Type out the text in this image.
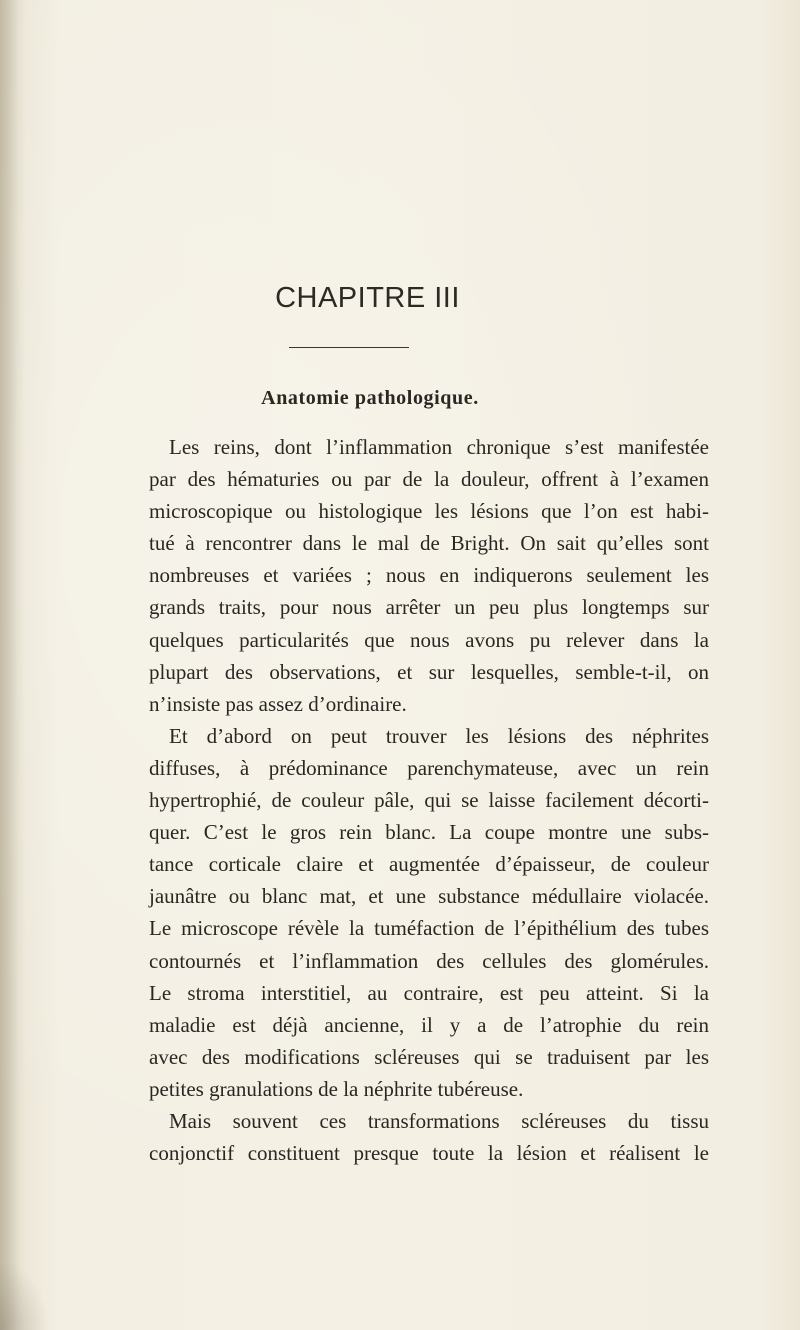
CHAPITRE III
Anatomie pathologique.
Les reins, dont l’inflammation chronique s’est manifestée
par des hématuries ou par de la douleur, offrent à l’examen
microscopique ou histologique les lésions que l’on est habi-
tué à rencontrer dans le mal de Bright. On sait qu’elles sont
nombreuses et variées ; nous en indiquerons seulement les
grands traits, pour nous arrêter un peu plus longtemps sur
quelques particularités que nous avons pu relever dans la
plupart des observations, et sur lesquelles, semble-t-il, on
n’insiste pas assez d’ordinaire.
Et d’abord on peut trouver les lésions des néphrites
diffuses, à prédominance parenchymateuse, avec un rein
hypertrophié, de couleur pâle, qui se laisse facilement décorti-
quer. C’est le gros rein blanc. La coupe montre une subs-
tance corticale claire et augmentée d’épaisseur, de couleur
jaunâtre ou blanc mat, et une substance médullaire violacée.
Le microscope révèle la tuméfaction de l’épithélium des tubes
contournés et l’inflammation des cellules des glomérules.
Le stroma interstitiel, au contraire, est peu atteint. Si la
maladie est déjà ancienne, il y a de l’atrophie du rein
avec des modifications scléreuses qui se traduisent par les
petites granulations de la néphrite tubéreuse.
Mais souvent ces transformations scléreuses du tissu
conjonctif constituent presque toute la lésion et réalisent le
